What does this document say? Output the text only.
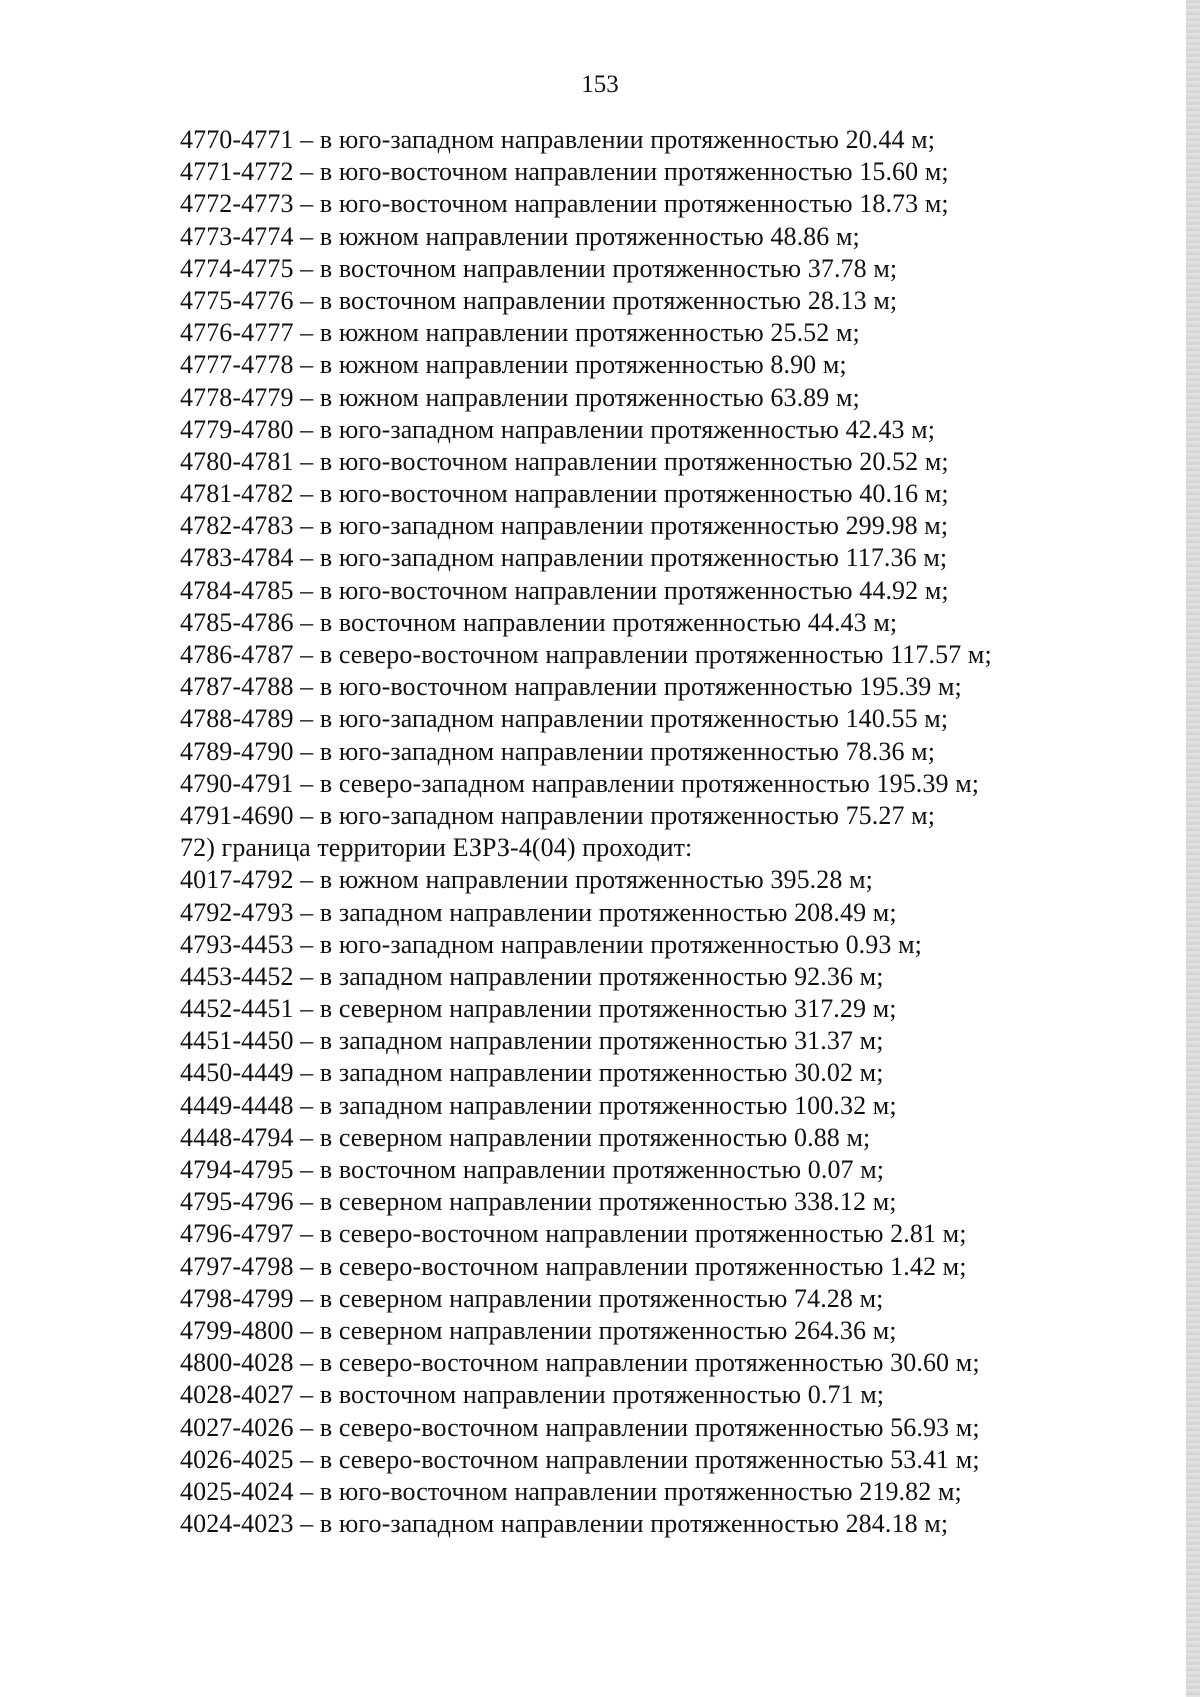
153
4770-4771 – в юго-западном направлении протяженностью 20.44 м;
4771-4772 – в юго-восточном направлении протяженностью 15.60 м;
4772-4773 – в юго-восточном направлении протяженностью 18.73 м;
4773-4774 – в южном направлении протяженностью 48.86 м;
4774-4775 – в восточном направлении протяженностью 37.78 м;
4775-4776 – в восточном направлении протяженностью 28.13 м;
4776-4777 – в южном направлении протяженностью 25.52 м;
4777-4778 – в южном направлении протяженностью 8.90 м;
4778-4779 – в южном направлении протяженностью 63.89 м;
4779-4780 – в юго-западном направлении протяженностью 42.43 м;
4780-4781 – в юго-восточном направлении протяженностью 20.52 м;
4781-4782 – в юго-восточном направлении протяженностью 40.16 м;
4782-4783 – в юго-западном направлении протяженностью 299.98 м;
4783-4784 – в юго-западном направлении протяженностью 117.36 м;
4784-4785 – в юго-восточном направлении протяженностью 44.92 м;
4785-4786 – в восточном направлении протяженностью 44.43 м;
4786-4787 – в северо-восточном направлении протяженностью 117.57 м;
4787-4788 – в юго-восточном направлении протяженностью 195.39 м;
4788-4789 – в юго-западном направлении протяженностью 140.55 м;
4789-4790 – в юго-западном направлении протяженностью 78.36 м;
4790-4791 – в северо-западном направлении протяженностью 195.39 м;
4791-4690 – в юго-западном направлении протяженностью 75.27 м;
72) граница территории ЕЗРЗ-4(04) проходит:
4017-4792 – в южном направлении протяженностью 395.28 м;
4792-4793 – в западном направлении протяженностью 208.49 м;
4793-4453 – в юго-западном направлении протяженностью 0.93 м;
4453-4452 – в западном направлении протяженностью 92.36 м;
4452-4451 – в северном направлении протяженностью 317.29 м;
4451-4450 – в западном направлении протяженностью 31.37 м;
4450-4449 – в западном направлении протяженностью 30.02 м;
4449-4448 – в западном направлении протяженностью 100.32 м;
4448-4794 – в северном направлении протяженностью 0.88 м;
4794-4795 – в восточном направлении протяженностью 0.07 м;
4795-4796 – в северном направлении протяженностью 338.12 м;
4796-4797 – в северо-восточном направлении протяженностью 2.81 м;
4797-4798 – в северо-восточном направлении протяженностью 1.42 м;
4798-4799 – в северном направлении протяженностью 74.28 м;
4799-4800 – в северном направлении протяженностью 264.36 м;
4800-4028 – в северо-восточном направлении протяженностью 30.60 м;
4028-4027 – в восточном направлении протяженностью 0.71 м;
4027-4026 – в северо-восточном направлении протяженностью 56.93 м;
4026-4025 – в северо-восточном направлении протяженностью 53.41 м;
4025-4024 – в юго-восточном направлении протяженностью 219.82 м;
4024-4023 – в юго-западном направлении протяженностью 284.18 м;
